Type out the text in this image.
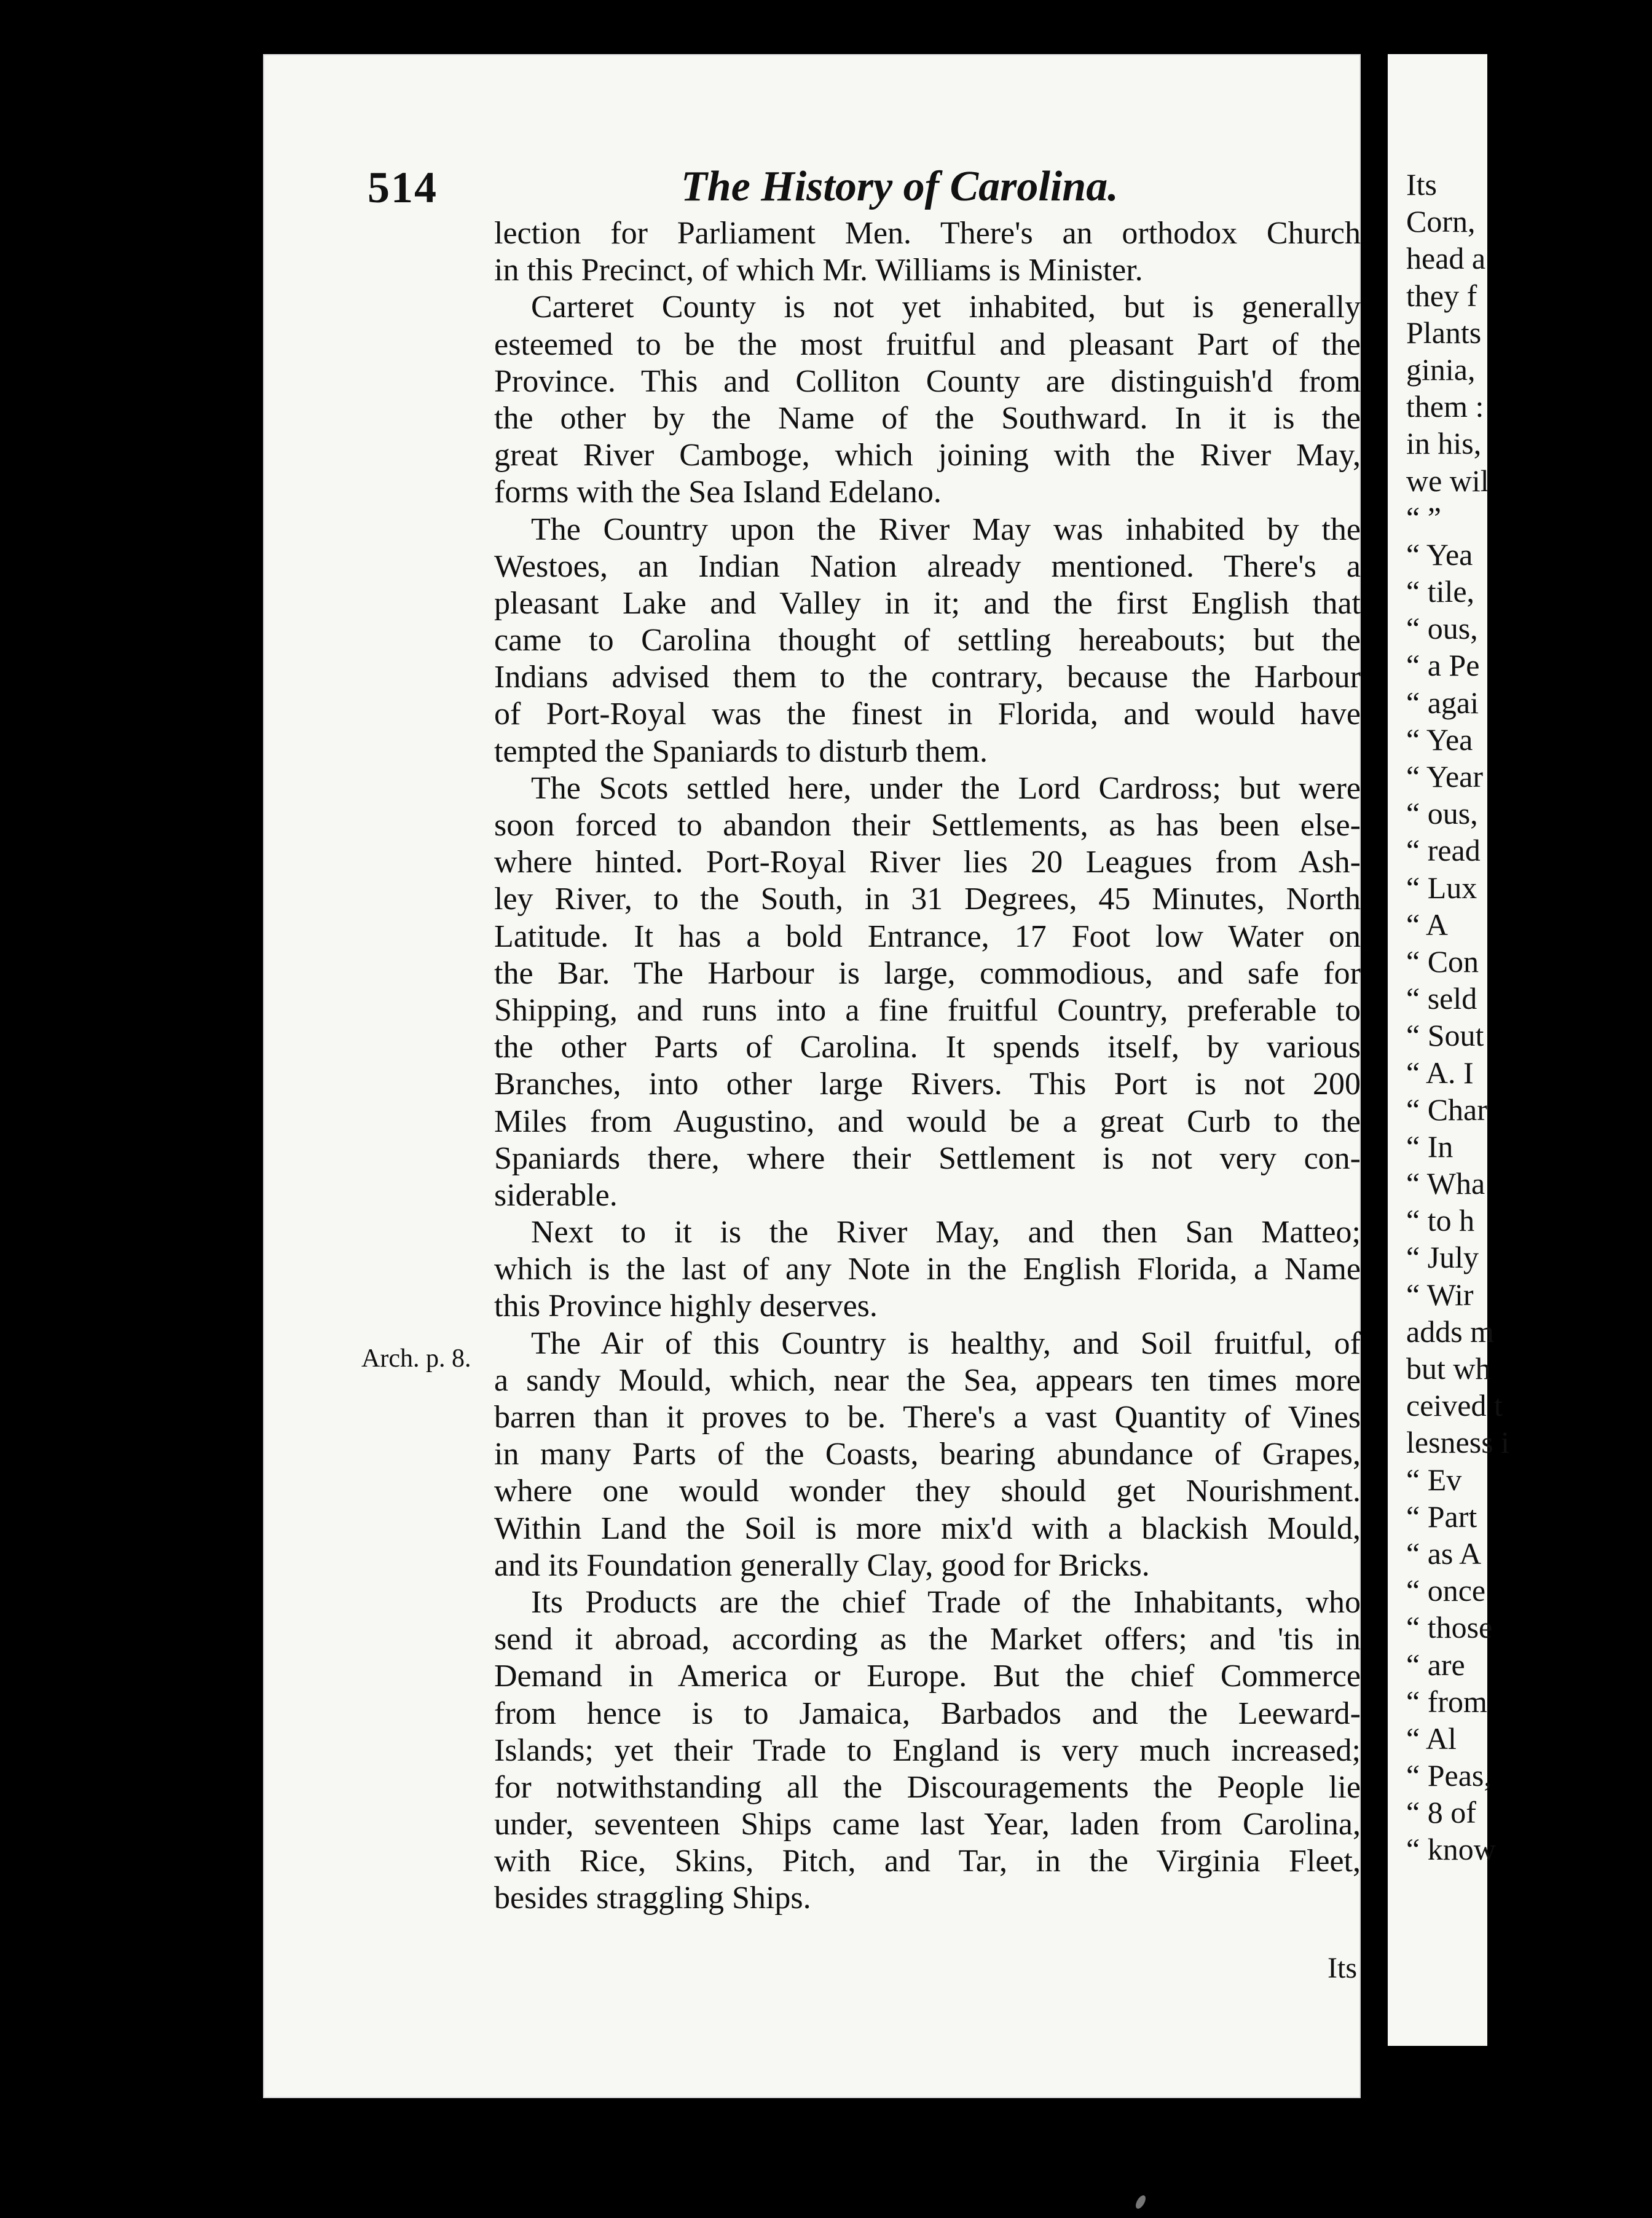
514	The History of Carolina.
lection for Parliament Men. There's an orthodox Church
in this Precinct, of which Mr. Williams is Minister.
Carteret County is not yet inhabited, but is generally
esteemed to be the most fruitful and pleasant Part of the
Province. This and Colliton County are distinguish'd from
the other by the Name of the Southward. In it is the
great River Camboge, which joining with the River May,
forms with the Sea Island Edelano.
The Country upon the River May was inhabited by the
Westoes, an Indian Nation already mentioned. There's a
pleasant Lake and Valley in it; and the first English that
came to Carolina thought of settling hereabouts; but the
Indians advised them to the contrary, because the Harbour
of Port-Royal was the finest in Florida, and would have
tempted the Spaniards to disturb them.
The Scots settled here, under the Lord Cardross; but were
soon forced to abandon their Settlements, as has been else-
where hinted. Port-Royal River lies 20 Leagues from Ash-
ley River, to the South, in 31 Degrees, 45 Minutes, North
Latitude. It has a bold Entrance, 17 Foot low Water on
the Bar. The Harbour is large, commodious, and safe for
Shipping, and runs into a fine fruitful Country, preferable to
the other Parts of Carolina. It spends itself, by various
Branches, into other large Rivers. This Port is not 200
Miles from Augustino, and would be a great Curb to the
Spaniards there, where their Settlement is not very con-
siderable.
Next to it is the River May, and then San Matteo;
which is the last of any Note in the English Florida, a Name
this Province highly deserves.
The Air of this Country is healthy, and Soil fruitful, of
a sandy Mould, which, near the Sea, appears ten times more
barren than it proves to be. There's a vast Quantity of Vines
in many Parts of the Coasts, bearing abundance of Grapes,
where one would wonder they should get Nourishment.
Within Land the Soil is more mix'd with a blackish Mould,
and its Foundation generally Clay, good for Bricks.
Its Products are the chief Trade of the Inhabitants, who
send it abroad, according as the Market offers; and 'tis in
Demand in America or Europe. But the chief Commerce
from hence is to Jamaica, Barbados and the Leeward-
Islands; yet their Trade to England is very much increased;
for notwithstanding all the Discouragements the People lie
under, seventeen Ships came last Year, laden from Carolina,
with Rice, Skins, Pitch, and Tar, in the Virginia Fleet,
besides straggling Ships.
Arch. p. 8.
Its
Its
Corn,
head a
they f
Plants
ginia,
them :
in his,
we wil
“ ”
“ Yea
“ tile,
“ ous,
“ a Pe
“ agai
“ Yea
“ Year
“ ous,
“ read
“ Lux
“ A
“ Con
“ seld
“ Sout
“ A. I
“ Char
“ In
“ Wha
“ to h
“ July
“ Wir
adds m
but wh
ceived t
lesness i
“ Ev
“ Part
“ as A
“ once
“ those
“ are
“ from
“ Al
“ Peas,
“ 8 of
“ know
